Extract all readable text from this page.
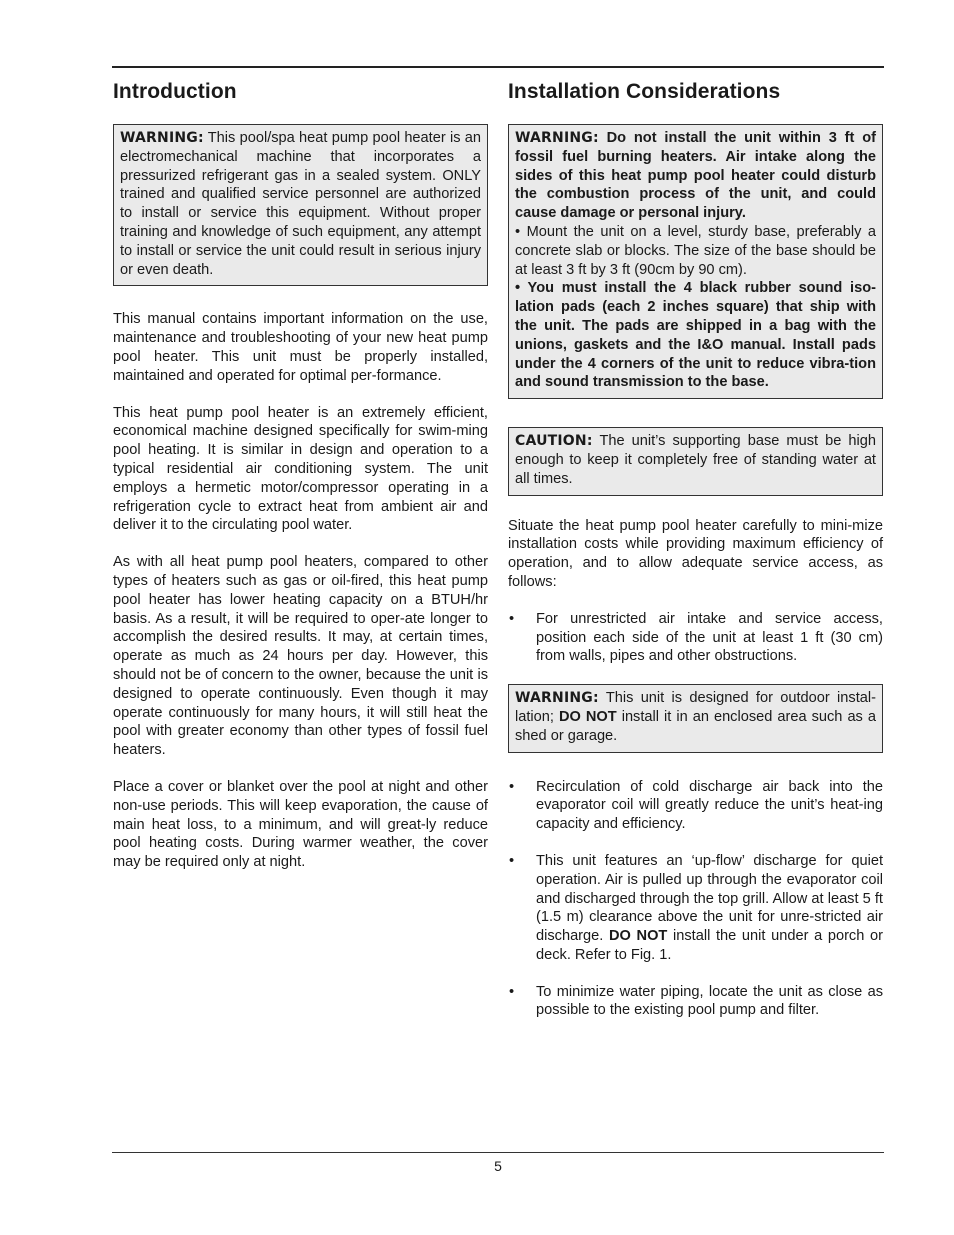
Introduction

WARNING: This pool/spa heat pump pool heater is an electromechanical machine that incorporates a pressurized refrigerant gas in a sealed system. ONLY trained and qualified service personnel are authorized to install or service this equipment. Without proper training and knowledge of such equipment, any attempt to install or service the unit could result in serious injury or even death.

This manual contains important information on the use, maintenance and troubleshooting of your new heat pump pool heater. This unit must be properly installed, maintained and operated for optimal per-formance.

This heat pump pool heater is an extremely efficient, economical machine designed specifically for swim-ming pool heating. It is similar in design and operation to a typical residential air conditioning system. The unit employs a hermetic motor/compressor operating in a refrigeration cycle to extract heat from ambient air and deliver it to the circulating pool water.

As with all heat pump pool heaters, compared to other types of heaters such as gas or oil-fired, this heat pump pool heater has lower heating capacity on a BTUH/hr basis. As a result, it will be required to oper-ate longer to accomplish the desired results. It may, at certain times, operate as much as 24 hours per day. However, this should not be of concern to the owner, because the unit is designed to operate continuously. Even though it may operate continuously for many hours, it will still heat the pool with greater economy than other types of fossil fuel heaters.

Place a cover or blanket over the pool at night and other non-use periods. This will keep evaporation, the cause of main heat loss, to a minimum, and will great-ly reduce pool heating costs. During warmer weather, the cover may be required only at night.

Installation Considerations

WARNING: Do not install the unit within 3 ft of fossil fuel burning heaters. Air intake along the sides of this heat pump pool heater could disturb the combustion process of the unit, and could cause damage or personal injury.

• Mount the unit on a level, sturdy base, preferably a concrete slab or blocks. The size of the base should be at least 3 ft by 3 ft (90cm by 90 cm).

• You must install the 4 black rubber sound iso-lation pads (each 2 inches square) that ship with the unit. The pads are shipped in a bag with the unions, gaskets and the I&O manual. Install pads under the 4 corners of the unit to reduce vibra-tion and sound transmission to the base.

CAUTION: The unit’s supporting base must be high enough to keep it completely free of standing water at all times.

Situate the heat pump pool heater carefully to mini-mize installation costs while providing maximum efficiency of operation, and to allow adequate service access, as follows:

• For unrestricted air intake and service access, position each side of the unit at least 1 ft (30 cm) from walls, pipes and other obstructions.

WARNING: This unit is designed for outdoor instal-lation; DO NOT install it in an enclosed area such as a shed or garage.

• Recirculation of cold discharge air back into the evaporator coil will greatly reduce the unit’s heat-ing capacity and efficiency.

• This unit features an ‘up-flow’ discharge for quiet operation. Air is pulled up through the evaporator coil and discharged through the top grill. Allow at least 5 ft (1.5 m) clearance above the unit for unre-stricted air discharge. DO NOT install the unit under a porch or deck. Refer to Fig. 1.

• To minimize water piping, locate the unit as close as possible to the existing pool pump and filter.

5
